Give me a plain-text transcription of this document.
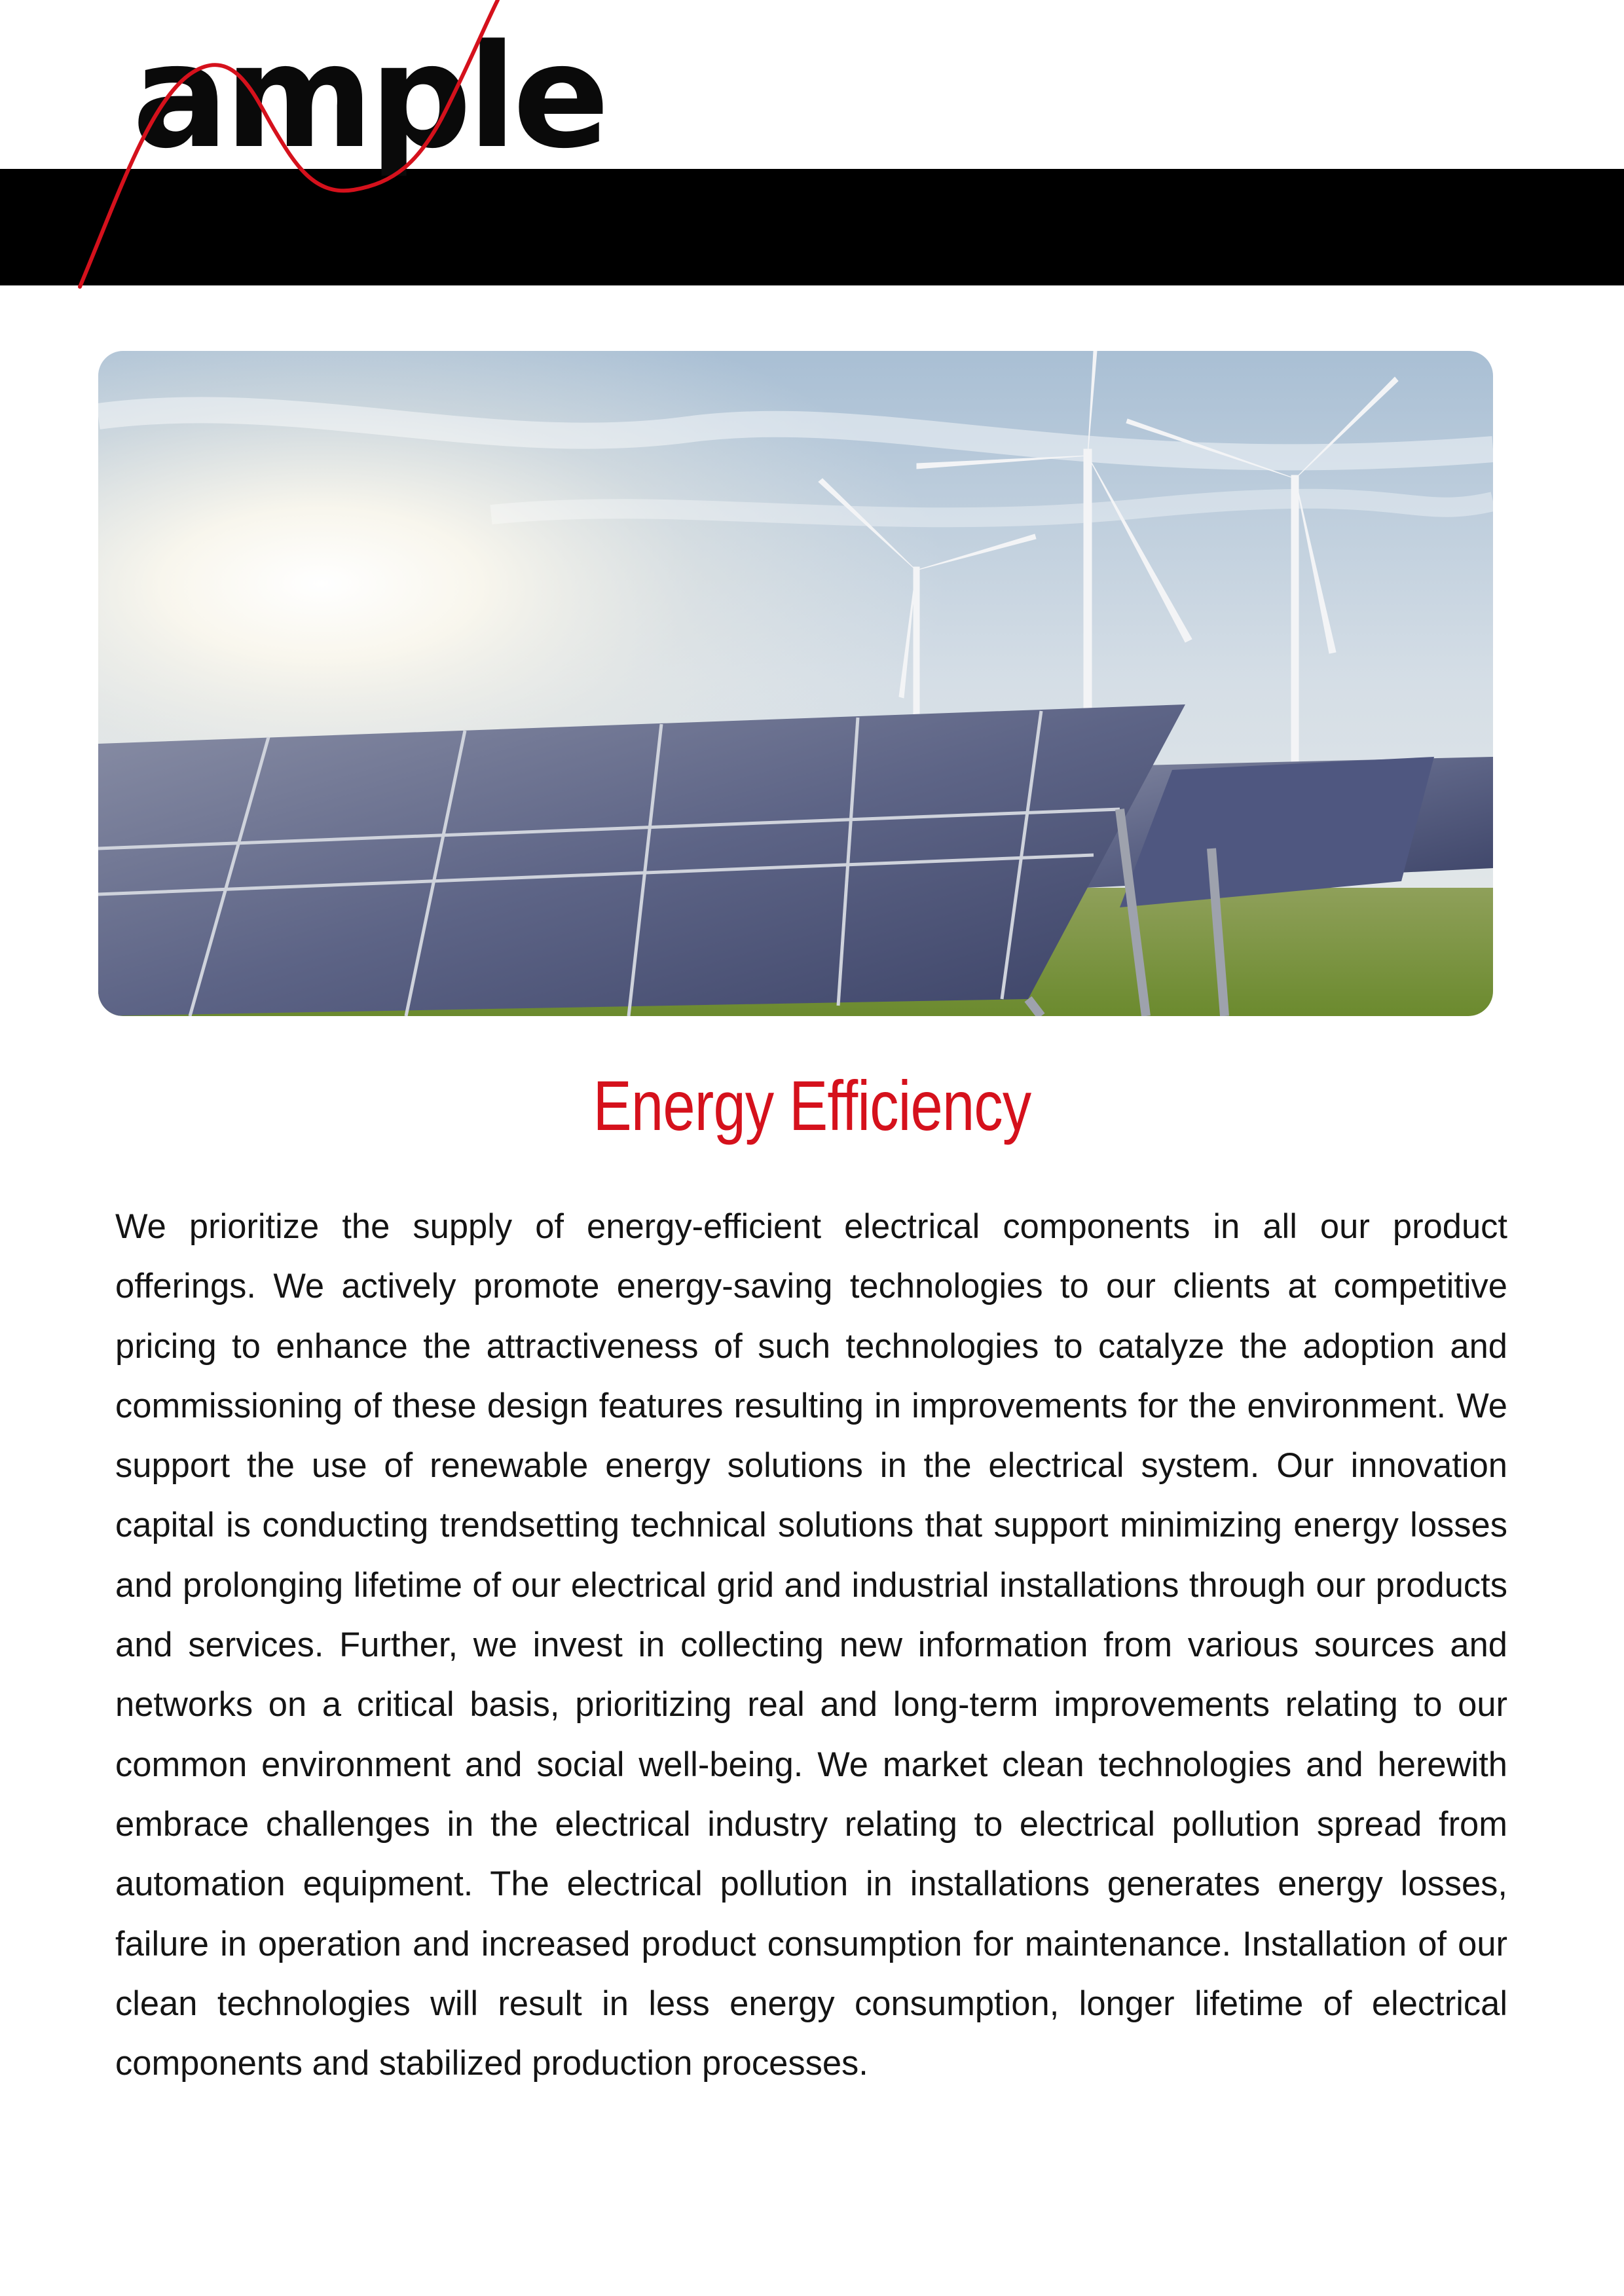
ample
Energy Efficiency
We prioritize the supply of energy-efficient electrical components in all our product offerings. We actively promote energy-saving technologies to our clients at competitive pricing to enhance the attractiveness of such technologies to catalyze the adoption and commissioning of these design features resulting in improvements for the environment. We support the use of renewable energy solutions in the electrical system. Our innovation capital is conducting trendsetting technical solutions that support minimizing energy losses and prolonging lifetime of our electrical grid and industrial installations through our products and services. Further, we invest in collecting new information from various sources and networks on a critical basis, prioritizing real and long-term improvements relating to our common environment and social well-being. We market clean technologies and herewith embrace challenges in the electrical industry relating to electrical pollution spread from automation equipment. The electrical pollution in installations generates energy losses, failure in operation and increased product consumption for maintenance. Installation of our clean technologies will result in less energy consumption, longer lifetime of electrical components and stabilized production processes.
